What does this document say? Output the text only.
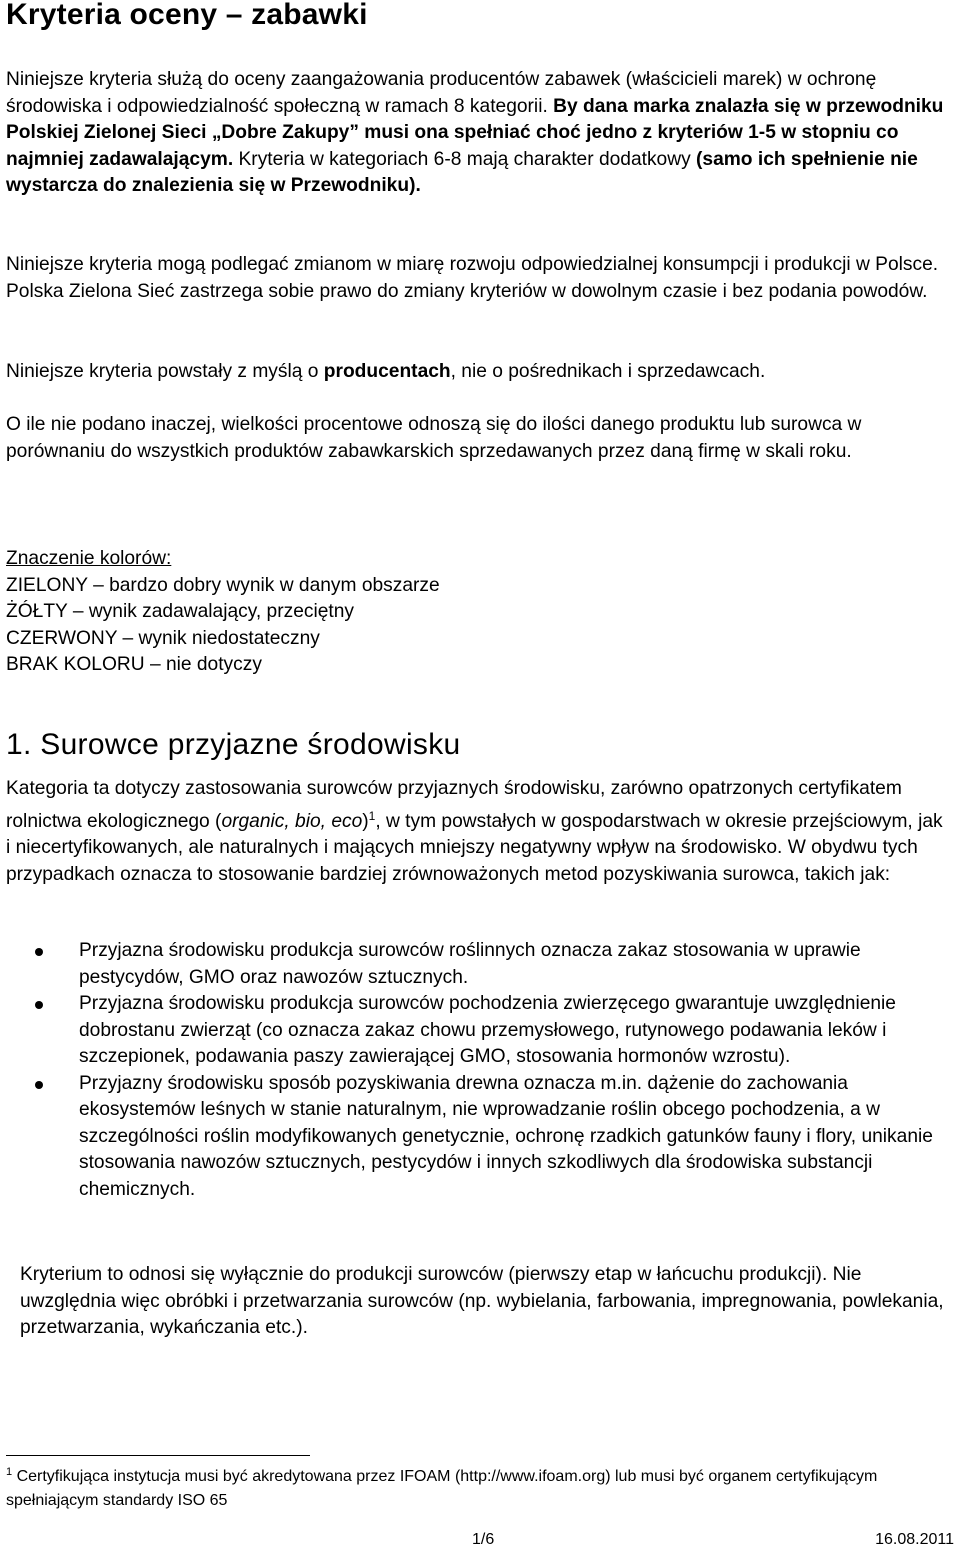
Kryteria oceny – zabawki

Niniejsze kryteria służą do oceny zaangażowania producentów zabawek (właścicieli marek) w ochronę środowiska i odpowiedzialność społeczną w ramach 8 kategorii. By dana marka znalazła się w przewodniku Polskiej Zielonej Sieci „Dobre Zakupy” musi ona spełniać choć jedno z kryteriów 1-5 w stopniu co najmniej zadawalającym. Kryteria w kategoriach 6-8 mają charakter dodatkowy (samo ich spełnienie nie wystarcza do znalezienia się w Przewodniku).

Niniejsze kryteria mogą podlegać zmianom w miarę rozwoju odpowiedzialnej konsumpcji i produkcji w Polsce. Polska Zielona Sieć zastrzega sobie prawo do zmiany kryteriów w dowolnym czasie i bez podania powodów.

Niniejsze kryteria powstały z myślą o producentach, nie o pośrednikach i sprzedawcach.

O ile nie podano inaczej, wielkości procentowe odnoszą się do ilości danego produktu lub surowca w porównaniu do wszystkich produktów zabawkarskich sprzedawanych przez daną firmę w skali roku.

Znaczenie kolorów:
ZIELONY – bardzo dobry wynik w danym obszarze
ŻÓŁTY – wynik zadawalający, przeciętny
CZERWONY – wynik niedostateczny
BRAK KOLORU – nie dotyczy
1. Surowce przyjazne środowisku

Kategoria ta dotyczy zastosowania surowców przyjaznych środowisku, zarówno opatrzonych certyfikatem rolnictwa ekologicznego (organic, bio, eco)$^1$, w tym powstałych w gospodarstwach w okresie przejściowym, jak i niecertyfikowanych, ale naturalnych i mających mniejszy negatywny wpływ na środowisko. W obydwu tych przypadkach oznacza to stosowanie bardziej zrównoważonych metod pozyskiwania surowca, takich jak:

Przyjazna środowisku produkcja surowców roślinnych oznacza zakaz stosowania w uprawie pestycydów, GMO oraz nawozów sztucznych.
Przyjazna środowisku produkcja surowców pochodzenia zwierzęcego gwarantuje uwzględnienie dobrostanu zwierząt (co oznacza zakaz chowu przemysłowego, rutynowego podawania leków i szczepionek, podawania paszy zawierającej GMO, stosowania hormonów wzrostu).
Przyjazny środowisku sposób pozyskiwania drewna oznacza m.in. dążenie do zachowania ekosystemów leśnych w stanie naturalnym, nie wprowadzanie roślin obcego pochodzenia, a w szczególności roślin modyfikowanych genetycznie, ochronę rzadkich gatunków fauny i flory, unikanie stosowania nawozów sztucznych, pestycydów i innych szkodliwych dla środowiska substancji chemicznych.

Kryterium to odnosi się wyłącznie do produkcji surowców (pierwszy etap w łańcuchu produkcji). Nie uwzględnia więc obróbki i przetwarzania surowców (np. wybielania, farbowania, impregnowania, powlekania, przetwarzania, wykańczania etc.).

$^1$ Certyfikująca instytucja musi być akredytowana przez IFOAM (http://www.ifoam.org) lub musi być organem certyfikującym spełniającym standardy ISO 65
1/6	16.08.2011
